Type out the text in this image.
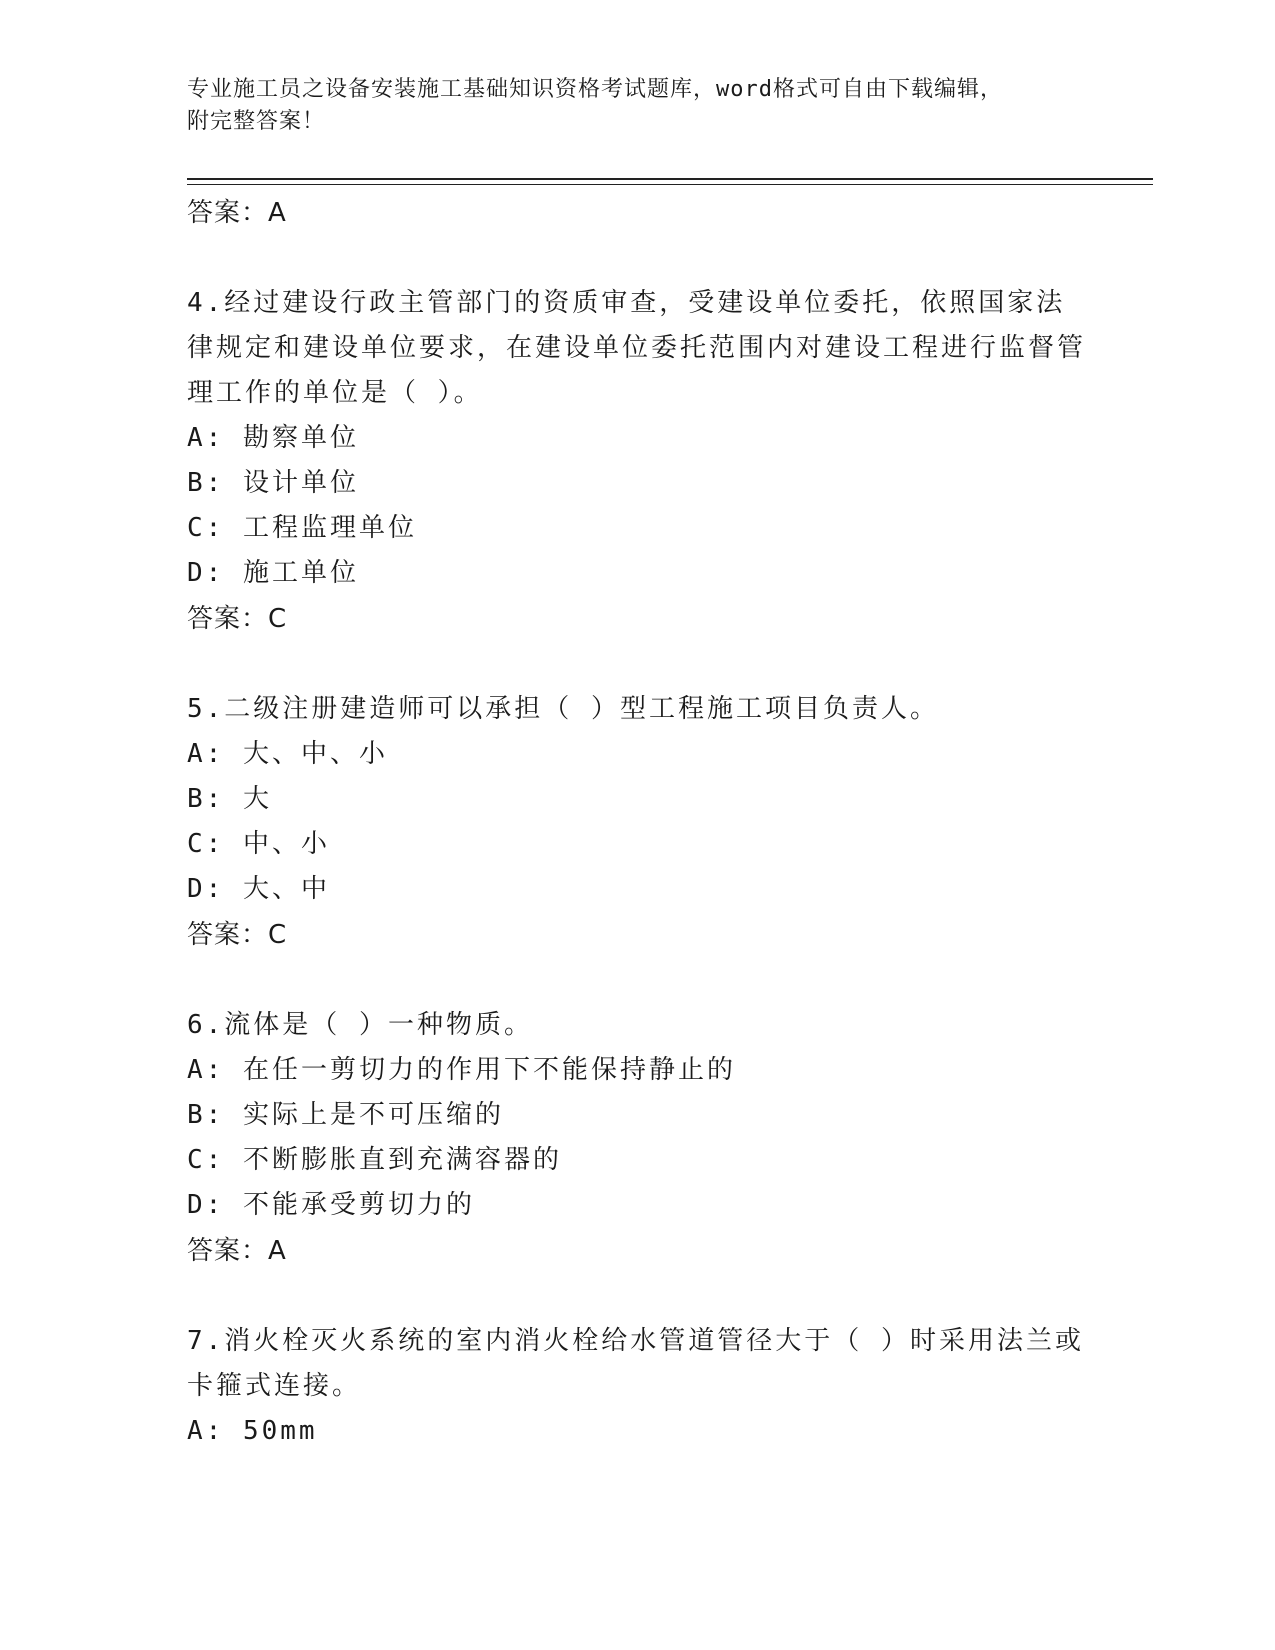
专业施工员之设备安装施工基础知识资格考试题库，word格式可自由下载编辑，
附完整答案！
答案：A
4.经过建设行政主管部门的资质审查，受建设单位委托，依照国家法律规定和建设单位要求，在建设单位委托范围内对建设工程进行监督管理工作的单位是（ ）。
A: 勘察单位
B: 设计单位
C: 工程监理单位
D: 施工单位
答案：C
5.二级注册建造师可以承担（ ）型工程施工项目负责人。
A: 大、中、小
B: 大
C: 中、小
D: 大、中
答案：C
6.流体是（ ）一种物质。
A: 在任一剪切力的作用下不能保持静止的
B: 实际上是不可压缩的
C: 不断膨胀直到充满容器的
D: 不能承受剪切力的
答案：A
7.消火栓灭火系统的室内消火栓给水管道管径大于（ ）时采用法兰或卡箍式连接。
A: 50mm
